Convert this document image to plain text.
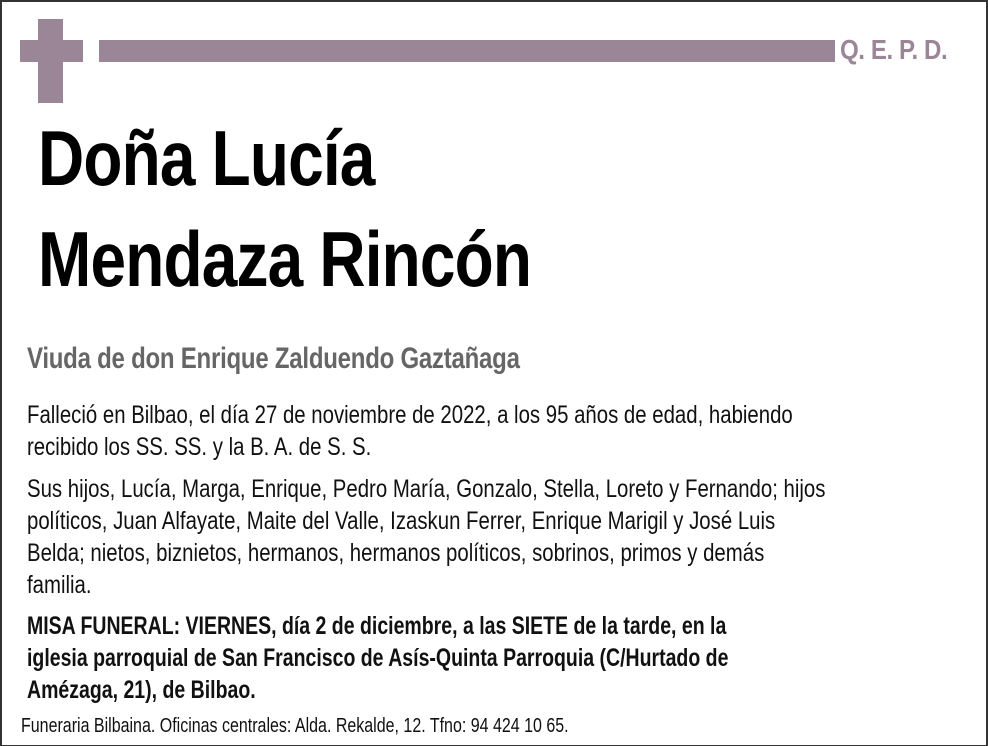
Q. E. P. D.
Doña Lucía
Mendaza Rincón
Viuda de don Enrique Zalduendo Gaztañaga
Falleció en Bilbao, el día 27 de noviembre de 2022, a los 95 años de edad, habiendo
recibido los SS. SS. y la B. A. de S. S.
Sus hijos, Lucía, Marga, Enrique, Pedro María, Gonzalo, Stella, Loreto y Fernando; hijos
políticos, Juan Alfayate, Maite del Valle, Izaskun Ferrer, Enrique Marigil y José Luis
Belda; nietos, biznietos, hermanos, hermanos políticos, sobrinos, primos y demás
familia.
MISA FUNERAL: VIERNES, día 2 de diciembre, a las SIETE de la tarde, en la
iglesia parroquial de San Francisco de Asís-Quinta Parroquia (C/Hurtado de
Amézaga, 21), de Bilbao.
Funeraria Bilbaina. Oficinas centrales: Alda. Rekalde, 12. Tfno: 94 424 10 65.
